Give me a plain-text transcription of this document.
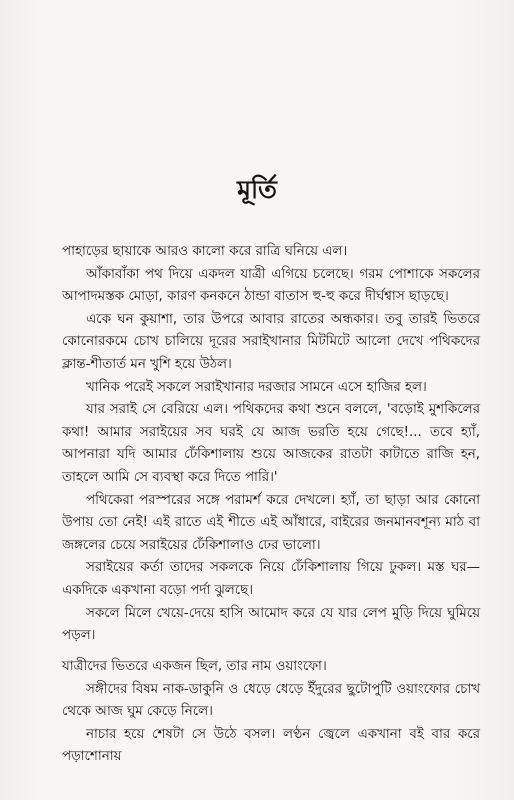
মূর্তি

পাহাড়ের ছায়াকে আরও কালো করে রাত্রি ঘনিয়ে এল।

আঁকাবাঁকা পথ দিয়ে একদল যাত্রী এগিয়ে চলেছে। গরম পোশাকে সকলের আপাদমস্তক মোড়া, কারণ কনকনে ঠান্ডা বাতাস হু-হু করে দীর্ঘশ্বাস ছাড়ছে।

একে ঘন কুয়াশা, তার উপরে আবার রাতের অন্ধকার। তবু তারই ভিতরে কোনোরকমে চোখ চালিয়ে দূরের সরাইখানার মিটমিটে আলো দেখে পথিকদের ক্লান্ত-শীতার্ত মন খুশি হয়ে উঠল।

খানিক পরেই সকলে সরাইখানার দরজার সামনে এসে হাজির হল।

যার সরাই সে বেরিয়ে এল। পথিকদের কথা শুনে বললে, 'বড়োই মুশকিলের কথা! আমার সরাইয়ের সব ঘরই যে আজ ভরতি হয়ে গেছে!... তবে হ্যাঁ, আপনারা যদি আমার ঢেঁকিশালায় শুয়ে আজকের রাতটা কাটাতে রাজি হন, তাহলে আমি সে ব্যবস্থা করে দিতে পারি।'

পথিকেরা পরস্পরের সঙ্গে পরামর্শ করে দেখলে। হ্যাঁ, তা ছাড়া আর কোনো উপায় তো নেই! এই রাতে এই শীতে এই আঁধারে, বাইরের জনমানবশূন্য মাঠ বা জঙ্গলের চেয়ে সরাইয়ের ঢেঁকিশালাও ঢের ভালো।

সরাইয়ের কর্তা তাদের সকলকে নিয়ে ঢেঁকিশালায় গিয়ে ঢুকল। মস্ত ঘর—একদিকে একখানা বড়ো পর্দা ঝুলছে।

সকলে মিলে খেয়ে-দেয়ে হাসি আমোদ করে যে যার লেপ মুড়ি দিয়ে ঘুমিয়ে পড়ল।

যাত্রীদের ভিতরে একজন ছিল, তার নাম ওয়াংফো।

সঙ্গীদের বিষম নাক-ডাকুনি ও ধেড়ে ধেড়ে ইঁদুরের ছুটোপুটি ওয়াংফোর চোখ থেকে আজ ঘুম কেড়ে নিলে।

নাচার হয়ে শেষটা সে উঠে বসল। লণ্ঠন জ্বেলে একখানা বই বার করে পড়াশোনায়
